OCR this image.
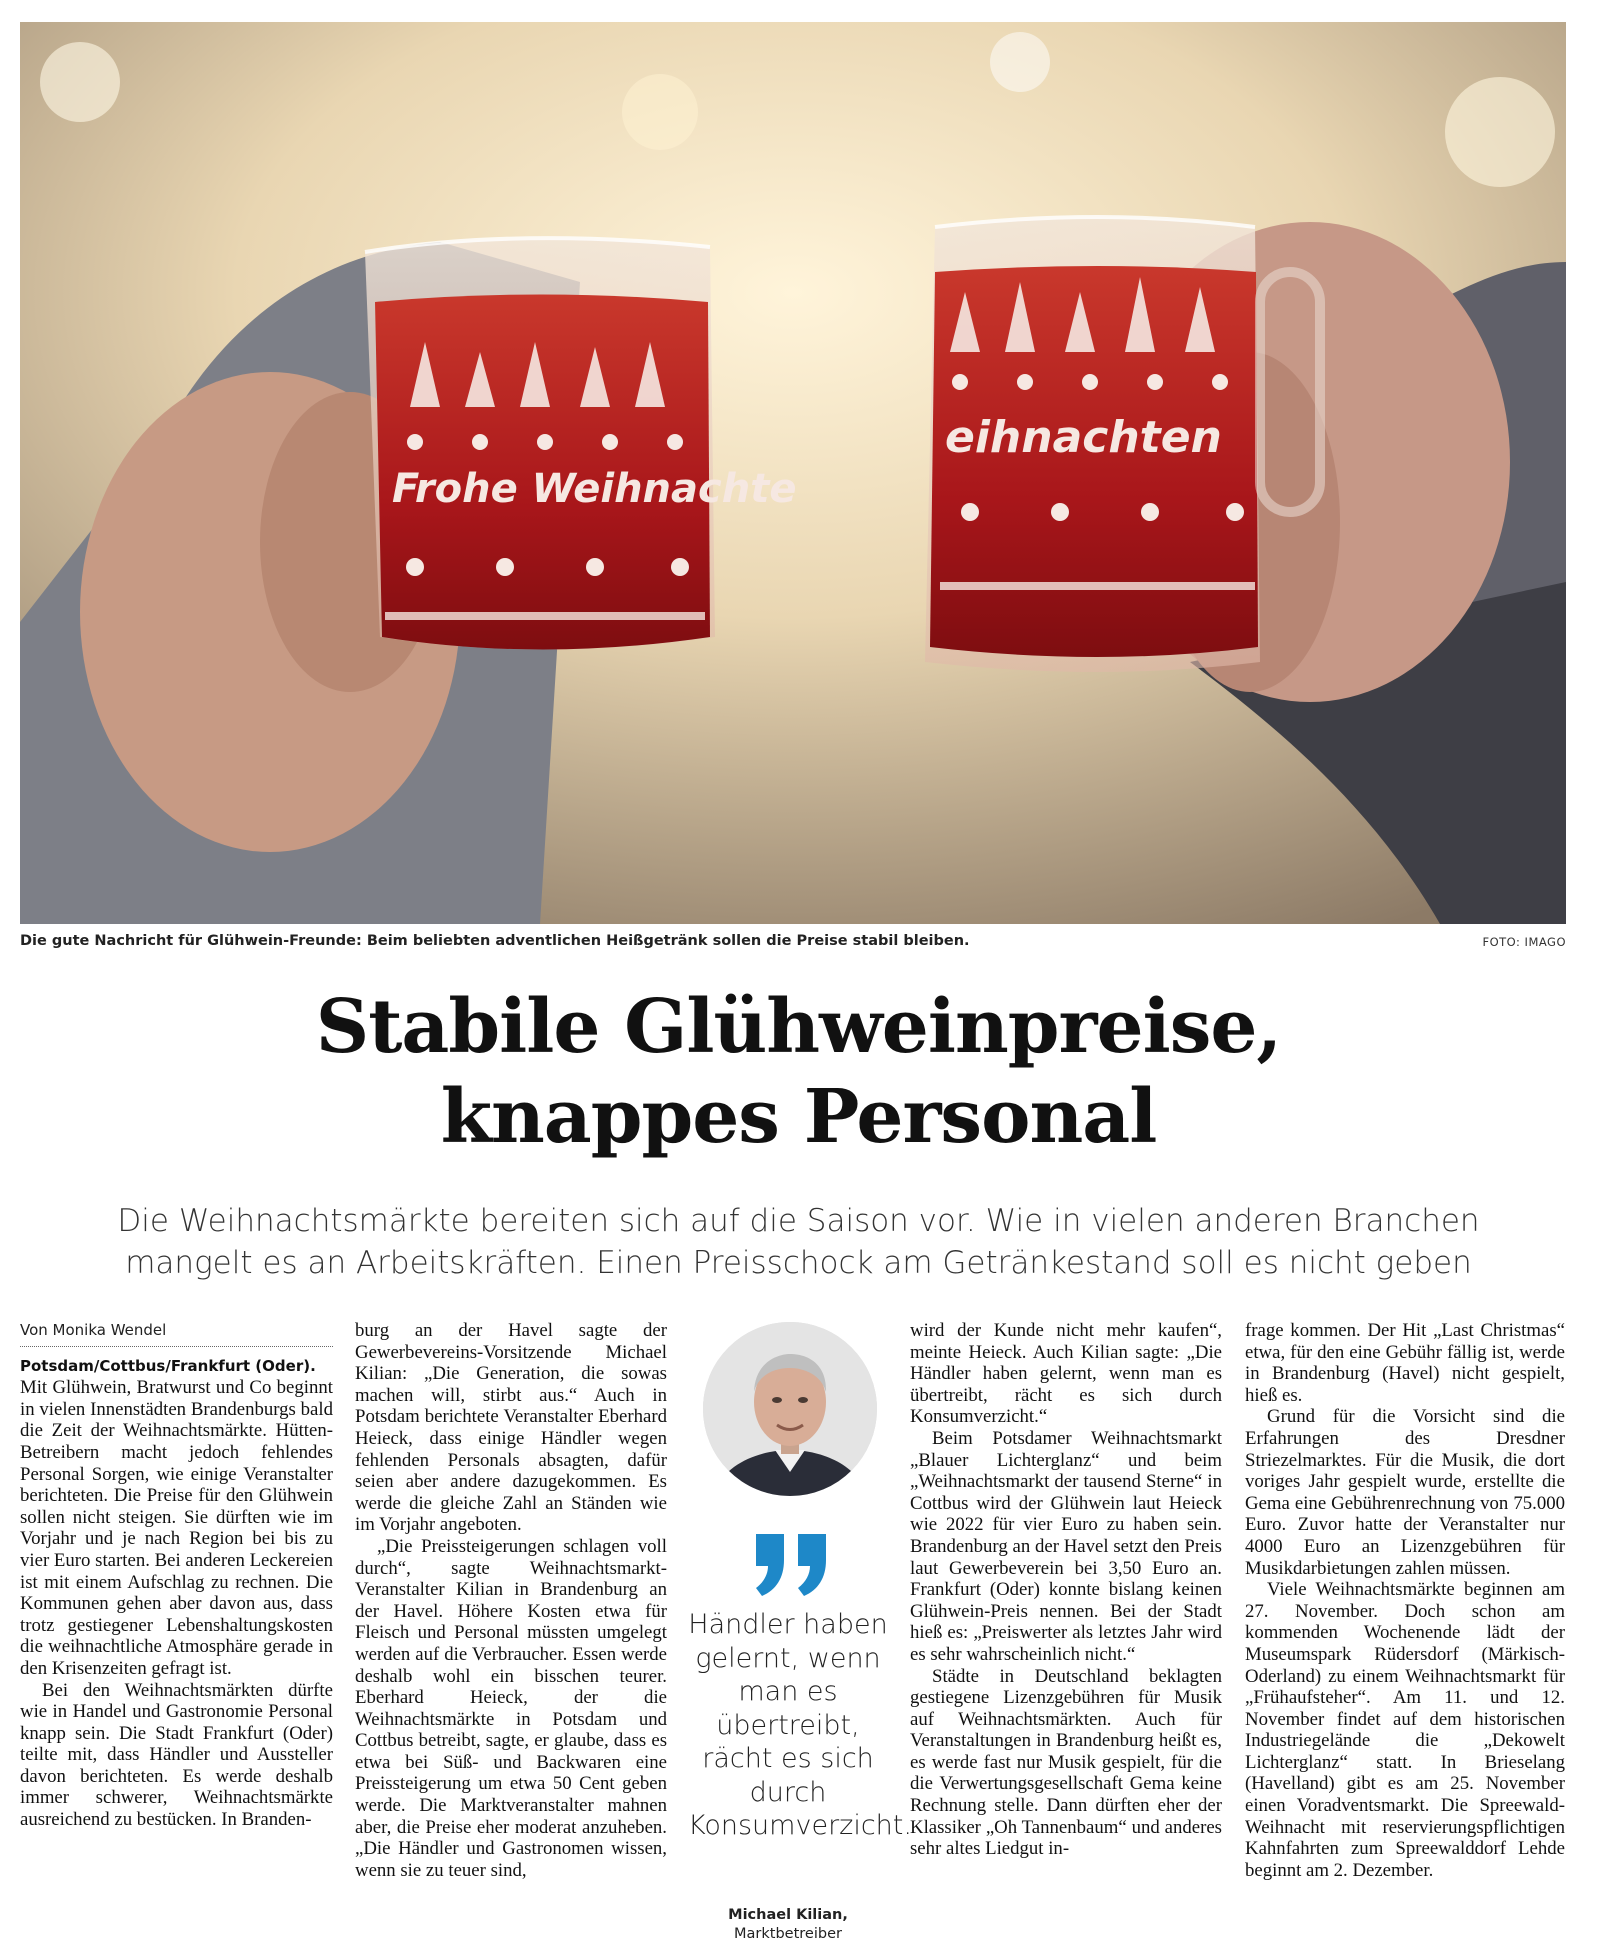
Frohe Weihnachte
eihnachten
Die gute Nachricht für Glühwein-Freunde: Beim beliebten adventlichen Heißgetränk sollen die Preise stabil bleiben.	FOTO: IMAGO
Stabile Glühweinpreise,
knappes Personal
Die Weihnachtsmärkte bereiten sich auf die Saison vor. Wie in vielen anderen Branchen mangelt es an Arbeitskräften. Einen Preisschock am Getränkestand soll es nicht geben
Von Monika Wendel

Potsdam/Cottbus/Frankfurt (Oder).

Mit Glühwein, Bratwurst und Co beginnt in vielen Innenstädten Brandenburgs bald die Zeit der Weihnachtsmärkte. Hütten-Betreibern macht jedoch fehlendes Personal Sorgen, wie einige Veranstalter berichteten. Die Preise für den Glühwein sollen nicht steigen. Sie dürften wie im Vorjahr und je nach Region bei bis zu vier Euro starten. Bei anderen Leckereien ist mit einem Aufschlag zu rechnen. Die Kommunen gehen aber davon aus, dass trotz gestiegener Lebenshaltungskosten die weihnachtliche Atmosphäre gerade in den Krisenzeiten gefragt ist.

Bei den Weihnachtsmärkten dürfte wie in Handel und Gastronomie Personal knapp sein. Die Stadt Frankfurt (Oder) teilte mit, dass Händler und Aussteller davon berichteten. Es werde deshalb immer schwerer, Weihnachtsmärkte ausreichend zu bestücken. In Branden-

burg an der Havel sagte der Gewerbevereins-Vorsitzende Michael Kilian: „Die Generation, die sowas machen will, stirbt aus.“ Auch in Potsdam berichtete Veranstalter Eberhard Heieck, dass einige Händler wegen fehlenden Personals absagten, dafür seien aber andere dazugekommen. Es werde die gleiche Zahl an Ständen wie im Vorjahr angeboten.

„Die Preissteigerungen schlagen voll durch“, sagte Weihnachtsmarkt-Veranstalter Kilian in Brandenburg an der Havel. Höhere Kosten etwa für Fleisch und Personal müssten umgelegt werden auf die Verbraucher. Essen werde deshalb wohl ein bisschen teurer. Eberhard Heieck, der die Weihnachtsmärkte in Potsdam und Cottbus betreibt, sagte, er glaube, dass es etwa bei Süß- und Backwaren eine Preissteigerung um etwa 50 Cent geben werde. Die Marktveranstalter mahnen aber, die Preise eher moderat anzuheben. „Die Händler und Gastronomen wissen, wenn sie zu teuer sind,

Händler haben gelernt, wenn man es übertreibt, rächt es sich durch Konsumverzicht.
Michael Kilian,
Marktbetreiber

wird der Kunde nicht mehr kaufen“, meinte Heieck. Auch Kilian sagte: „Die Händler haben gelernt, wenn man es übertreibt, rächt es sich durch Konsumverzicht.“

Beim Potsdamer Weihnachtsmarkt „Blauer Lichterglanz“ und beim „Weihnachtsmarkt der tausend Sterne“ in Cottbus wird der Glühwein laut Heieck wie 2022 für vier Euro zu haben sein. Brandenburg an der Havel setzt den Preis laut Gewerbeverein bei 3,50 Euro an. Frankfurt (Oder) konnte bislang keinen Glühwein-Preis nennen. Bei der Stadt hieß es: „Preiswerter als letztes Jahr wird es sehr wahrscheinlich nicht.“

Städte in Deutschland beklagten gestiegene Lizenzgebühren für Musik auf Weihnachtsmärkten. Auch für Veranstaltungen in Brandenburg heißt es, es werde fast nur Musik gespielt, für die die Verwertungsgesellschaft Gema keine Rechnung stelle. Dann dürften eher der Klassiker „Oh Tannenbaum“ und anderes sehr altes Liedgut in-

frage kommen. Der Hit „Last Christmas“ etwa, für den eine Gebühr fällig ist, werde in Brandenburg (Havel) nicht gespielt, hieß es.

Grund für die Vorsicht sind die Erfahrungen des Dresdner Striezelmarktes. Für die Musik, die dort voriges Jahr gespielt wurde, erstellte die Gema eine Gebührenrechnung von 75.000 Euro. Zuvor hatte der Veranstalter nur 4000 Euro an Lizenzgebühren für Musikdarbietungen zahlen müssen.

Viele Weihnachtsmärkte beginnen am 27. November. Doch schon am kommenden Wochenende lädt der Museumspark Rüdersdorf (Märkisch-Oderland) zu einem Weihnachtsmarkt für „Frühaufsteher“. Am 11. und 12. November findet auf dem historischen Industriegelände die „Dekowelt Lichterglanz“ statt. In Brieselang (Havelland) gibt es am 25. November einen Voradventsmarkt. Die Spreewald-Weihnacht mit reservierungspflichtigen Kahnfahrten zum Spreewalddorf Lehde beginnt am 2. Dezember.
